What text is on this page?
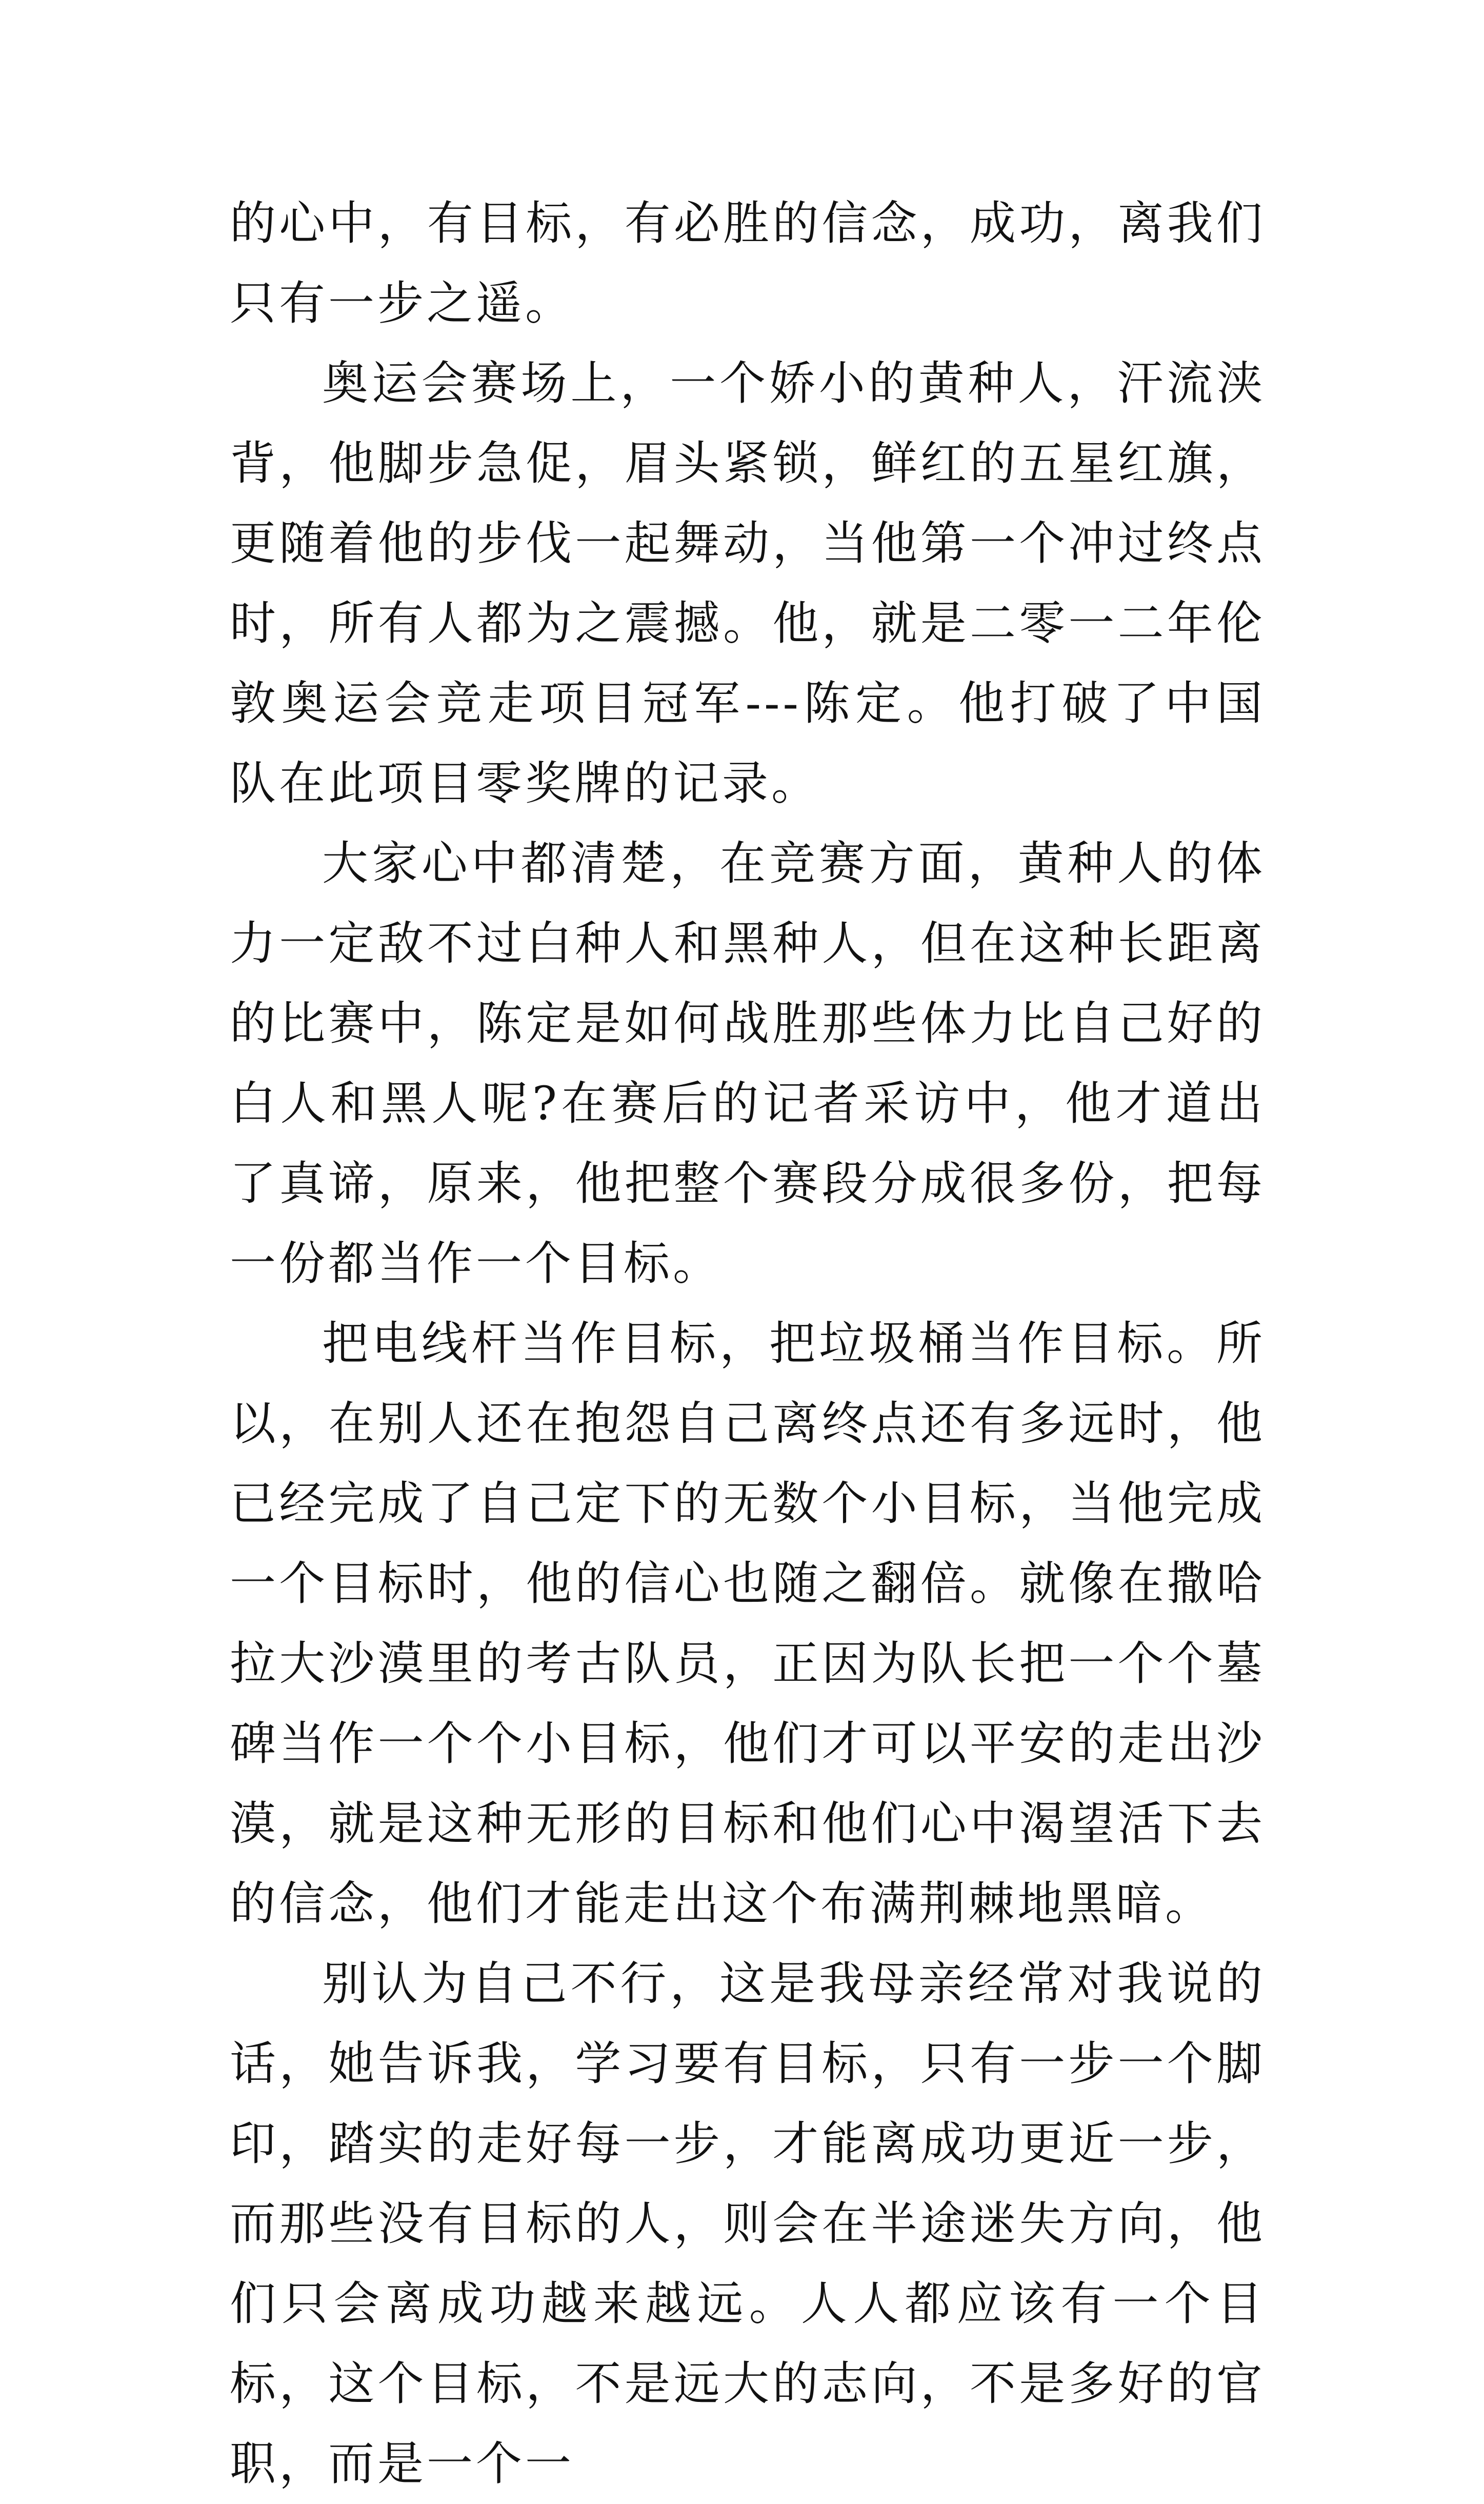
的心中，有目标，有必胜的信念，成功，离我们只有一步之遥。

奥运会赛场上，一个娇小的黄种人，汗流浃背，他脚步急促，眉头紧锁，鲜红的五星红旗，更随着他的步伐一起舞动，当他第一个冲过终点时，所有人都为之震撼。他，就是二零一二年伦敦奥运会竞走项目冠军---陈定。他打破了中国队在此项目零奖牌的记录。

大家心中都清楚，在竞赛方面，黄种人的体力一定敌不过白种人和黑种人，但在这种长距离的比赛中，陈定是如何战胜那些体力比自己好的白人和黑人呢?在赛后的记者采访中，他才道出了真谛，原来，他把整个赛段分成很多份，把每一份都当作一个目标。

把电线杆当作目标，把垃圾桶当作目标。所以，在别人还在抱怨自己离终点还有多远时，他已经完成了自己定下的无数个小目标，当他完成一个目标时，他的信心也随之翻倍。就像在撒哈拉大沙漠里的考古队员，正因为队长把一个个墓碑当作一个个小目标，他们才可以平安的走出沙漠，就是这种无形的目标和他们心中渴望活下去的信念，他们才能走出这个布满荆棘地黑暗。

别认为自己不行，这是我母亲经常对我说的话，她告诉我，学习要有目标，只有一步一个脚印，踏实的走好每一步，才能离成功更近一步，而那些没有目标的人，则会在半途迷失方向，他们只会离成功越来越远。人人都应该有一个目标，这个目标，不是远大的志向，不是多好的官职，而是一个一
